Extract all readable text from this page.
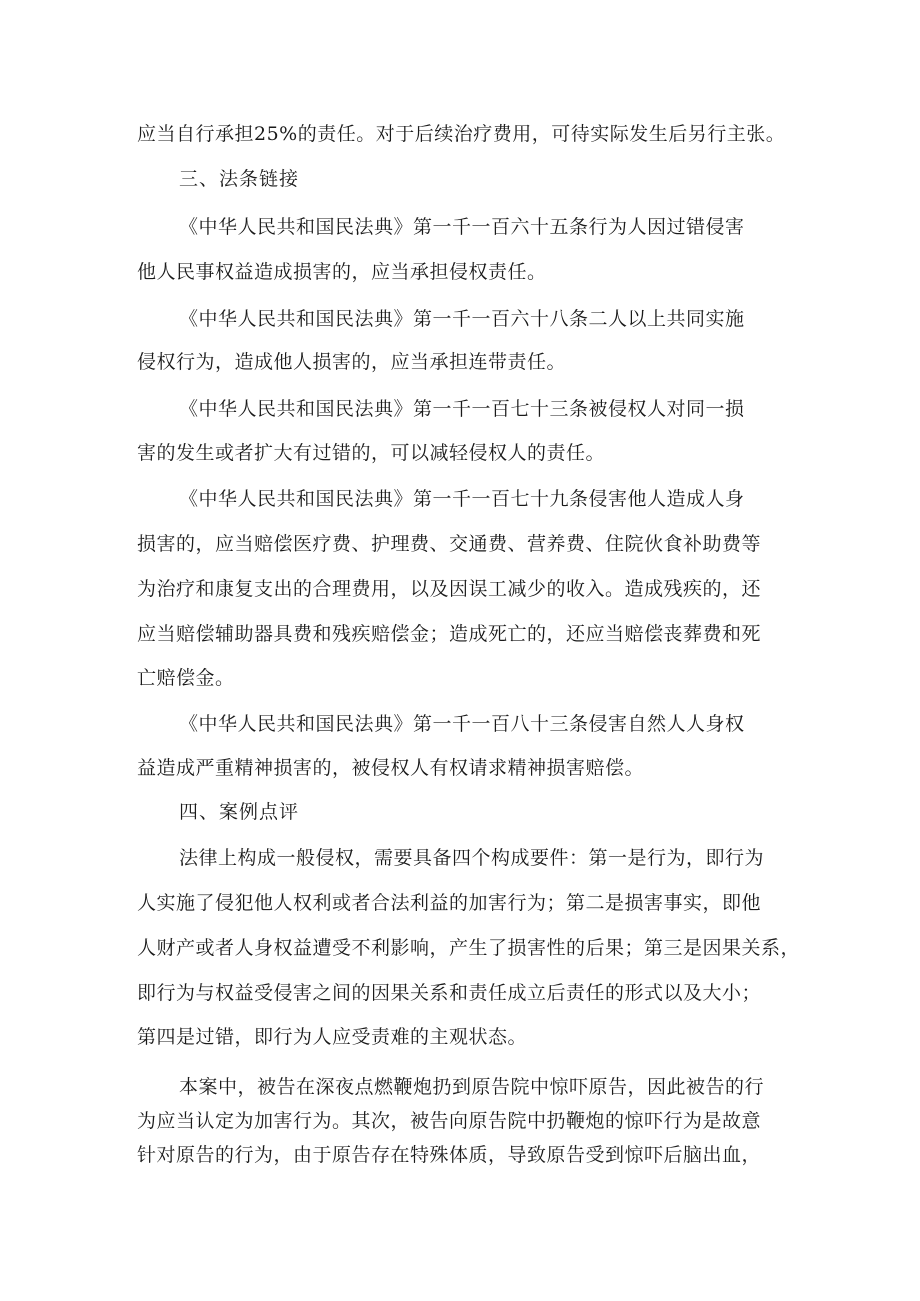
应当自行承担25%的责任。对于后续治疗费用，可待实际发生后另行主张。
三、法条链接
《中华人民共和国民法典》第一千一百六十五条行为人因过错侵害
他人民事权益造成损害的，应当承担侵权责任。
《中华人民共和国民法典》第一千一百六十八条二人以上共同实施
侵权行为，造成他人损害的，应当承担连带责任。
《中华人民共和国民法典》第一千一百七十三条被侵权人对同一损
害的发生或者扩大有过错的，可以减轻侵权人的责任。
《中华人民共和国民法典》第一千一百七十九条侵害他人造成人身
损害的，应当赔偿医疗费、护理费、交通费、营养费、住院伙食补助费等
为治疗和康复支出的合理费用，以及因误工减少的收入。造成残疾的，还
应当赔偿辅助器具费和残疾赔偿金；造成死亡的，还应当赔偿丧葬费和死
亡赔偿金。
《中华人民共和国民法典》第一千一百八十三条侵害自然人人身权
益造成严重精神损害的，被侵权人有权请求精神损害赔偿。
四、案例点评
法律上构成一般侵权，需要具备四个构成要件：第一是行为，即行为
人实施了侵犯他人权利或者合法利益的加害行为；第二是损害事实，即他
人财产或者人身权益遭受不利影响，产生了损害性的后果；第三是因果关系，
即行为与权益受侵害之间的因果关系和责任成立后责任的形式以及大小；
第四是过错，即行为人应受责难的主观状态。
本案中，被告在深夜点燃鞭炮扔到原告院中惊吓原告，因此被告的行
为应当认定为加害行为。其次，被告向原告院中扔鞭炮的惊吓行为是故意
针对原告的行为，由于原告存在特殊体质，导致原告受到惊吓后脑出血，
